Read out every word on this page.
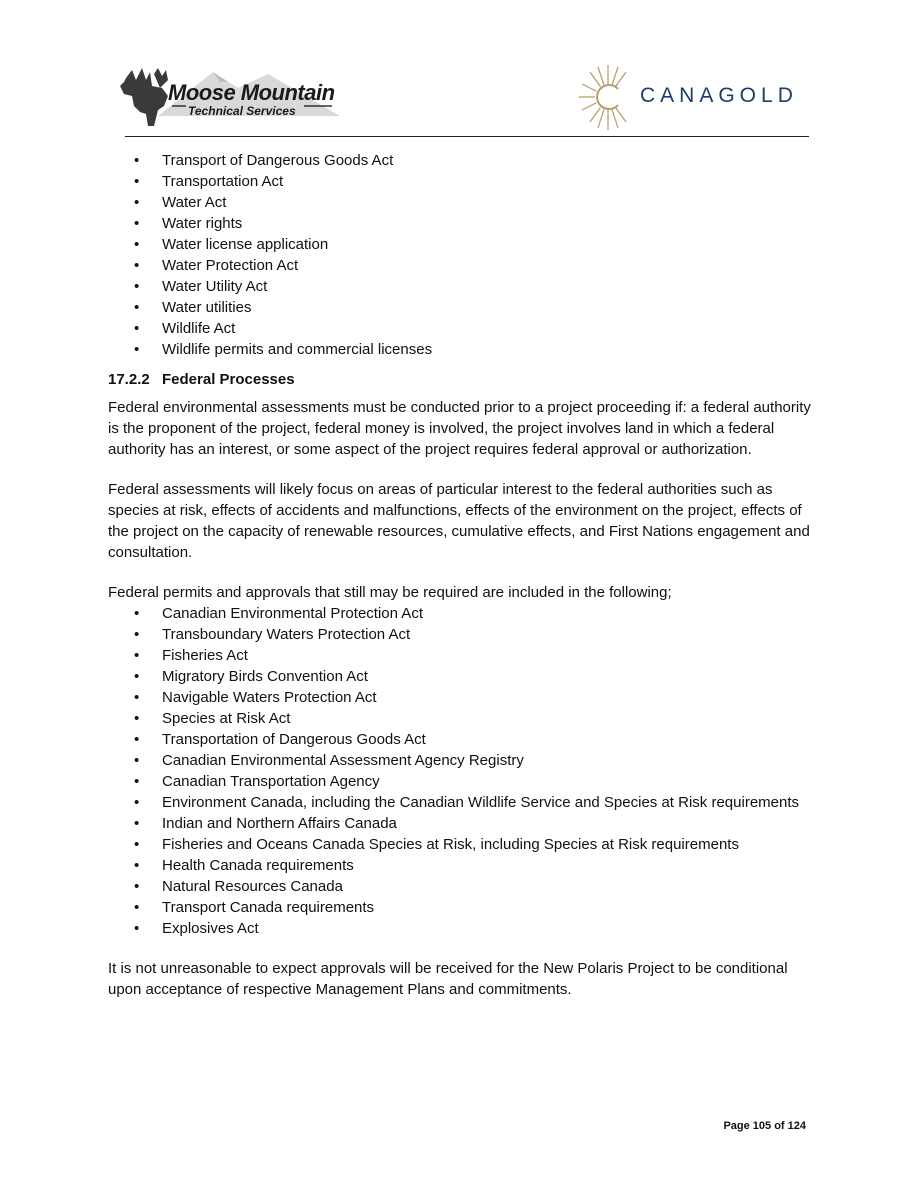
Moose Mountain
Technical Services
CANAGOLD
• Transport of Dangerous Goods Act
• Transportation Act
• Water Act
• Water rights
• Water license application
• Water Protection Act
• Water Utility Act
• Water utilities
• Wildlife Act
• Wildlife permits and commercial licenses
17.2.2 Federal Processes

Federal environmental assessments must be conducted prior to a project proceeding if: a federal authority is the proponent of the project, federal money is involved, the project involves land in which a federal authority has an interest, or some aspect of the project requires federal approval or authorization.

Federal assessments will likely focus on areas of particular interest to the federal authorities such as species at risk, effects of accidents and malfunctions, effects of the environment on the project, effects of the project on the capacity of renewable resources, cumulative effects, and First Nations engagement and consultation.

Federal permits and approvals that still may be required are included in the following;

• Canadian Environmental Protection Act
• Transboundary Waters Protection Act
• Fisheries Act
• Migratory Birds Convention Act
• Navigable Waters Protection Act
• Species at Risk Act
• Transportation of Dangerous Goods Act
• Canadian Environmental Assessment Agency Registry
• Canadian Transportation Agency
• Environment Canada, including the Canadian Wildlife Service and Species at Risk requirements
• Indian and Northern Affairs Canada
• Fisheries and Oceans Canada Species at Risk, including Species at Risk requirements
• Health Canada requirements
• Natural Resources Canada
• Transport Canada requirements
• Explosives Act

It is not unreasonable to expect approvals will be received for the New Polaris Project to be conditional upon acceptance of respective Management Plans and commitments.

Page 105 of 124
